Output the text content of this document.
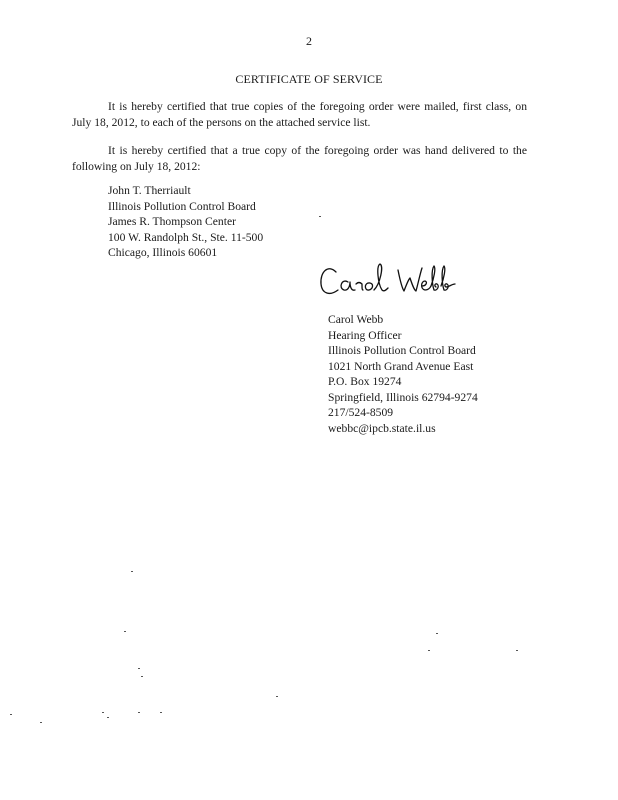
2
CERTIFICATE OF SERVICE

It is hereby certified that true copies of the foregoing order were mailed, first class, on July 18, 2012, to each of the persons on the attached service list.

It is hereby certified that a true copy of the foregoing order was hand delivered to the following on July 18, 2012:

John T. Therriault
Illinois Pollution Control Board
James R. Thompson Center
100 W. Randolph St., Ste. 11-500
Chicago, Illinois 60601
Carol Webb
Hearing Officer
Illinois Pollution Control Board
1021 North Grand Avenue East
P.O. Box 19274
Springfield, Illinois 62794-9274
217/524-8509
webbc@ipcb.state.il.us
